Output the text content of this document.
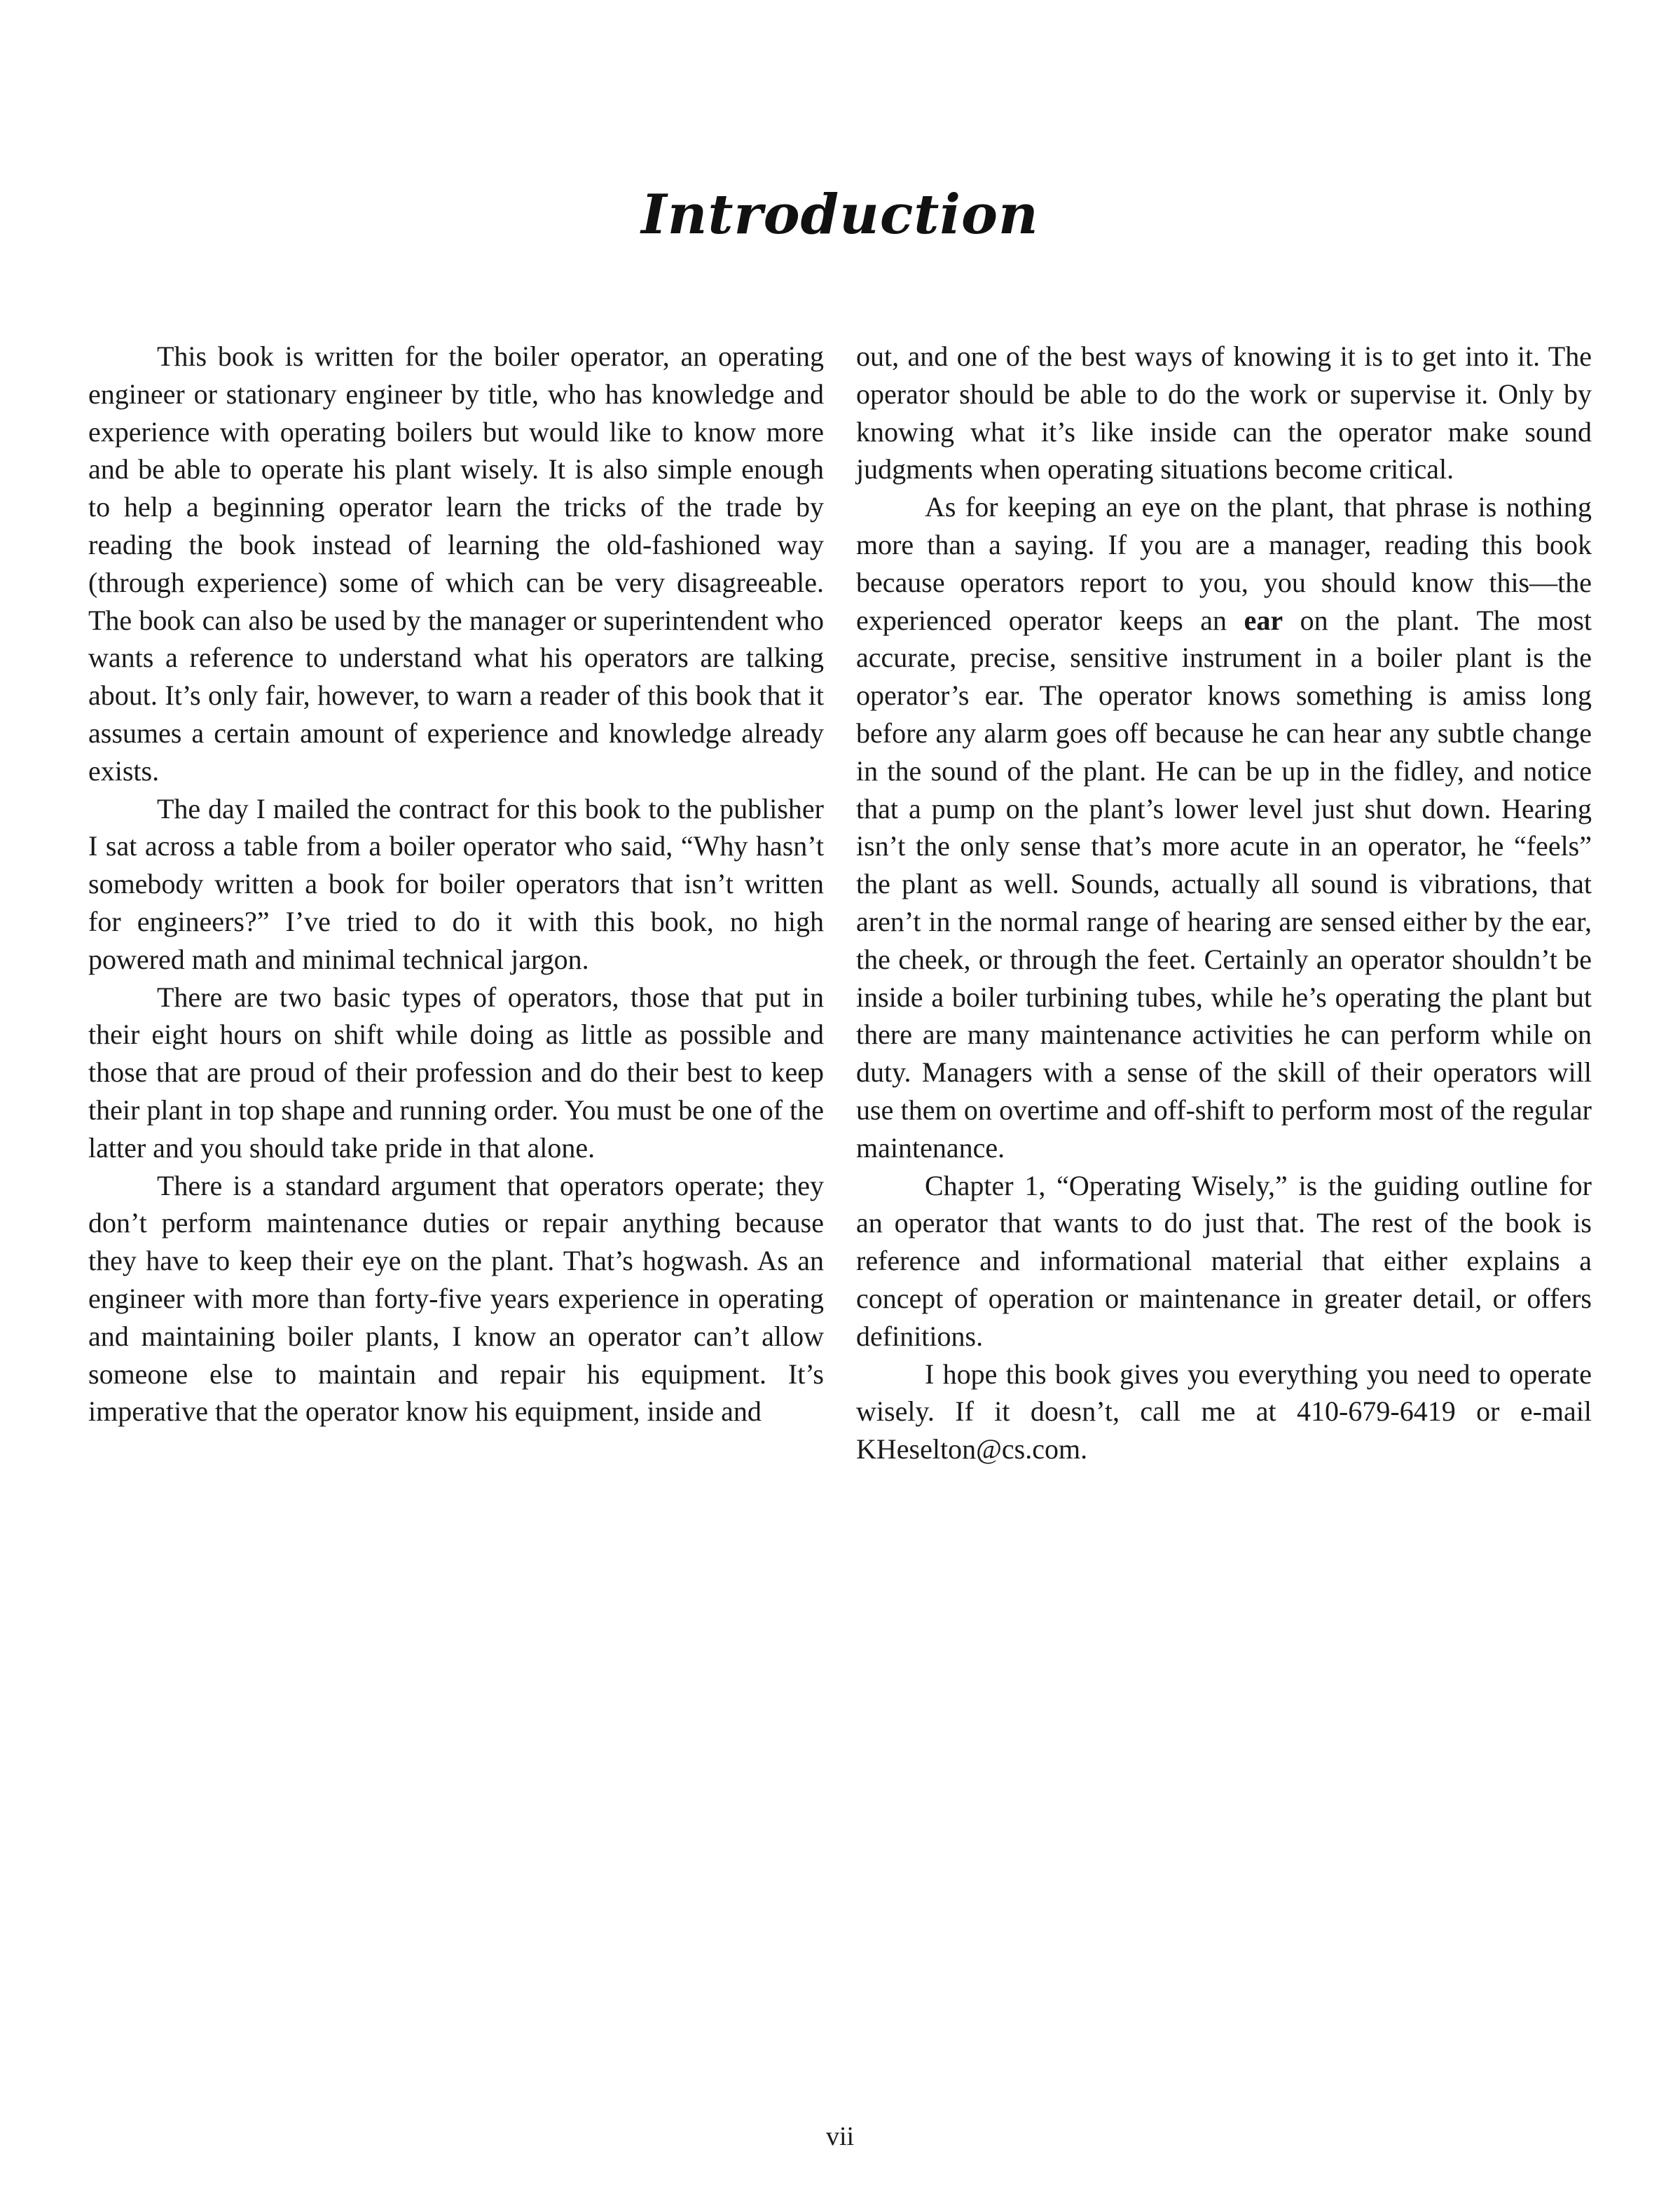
Introduction

This book is written for the boiler operator, an operating engineer or stationary engineer by title, who has knowledge and experience with operating boilers but would like to know more and be able to operate his plant wisely. It is also simple enough to help a beginning operator learn the tricks of the trade by reading the book instead of learning the old-fashioned way (through experience) some of which can be very disagreeable. The book can also be used by the manager or superintendent who wants a reference to understand what his operators are talking about. It’s only fair, however, to warn a reader of this book that it assumes a certain amount of experience and knowledge already exists.

The day I mailed the contract for this book to the publisher I sat across a table from a boiler operator who said, “Why hasn’t somebody written a book for boiler operators that isn’t written for engineers?” I’ve tried to do it with this book, no high powered math and minimal technical jargon.

There are two basic types of operators, those that put in their eight hours on shift while doing as little as possible and those that are proud of their profession and do their best to keep their plant in top shape and running order. You must be one of the latter and you should take pride in that alone.

There is a standard argument that operators operate; they don’t perform maintenance duties or repair anything because they have to keep their eye on the plant. That’s hogwash. As an engineer with more than forty-five years experience in operating and maintaining boiler plants, I know an operator can’t allow someone else to maintain and repair his equipment. It’s imperative that the operator know his equipment, inside and

out, and one of the best ways of knowing it is to get into it. The operator should be able to do the work or supervise it. Only by knowing what it’s like inside can the operator make sound judgments when operating situations become critical.

As for keeping an eye on the plant, that phrase is nothing more than a saying. If you are a manager, reading this book because operators report to you, you should know this—the experienced operator keeps an ear on the plant. The most accurate, precise, sensitive instrument in a boiler plant is the operator’s ear. The operator knows something is amiss long before any alarm goes off because he can hear any subtle change in the sound of the plant. He can be up in the fidley, and notice that a pump on the plant’s lower level just shut down. Hearing isn’t the only sense that’s more acute in an operator, he “feels” the plant as well. Sounds, actually all sound is vibrations, that aren’t in the normal range of hearing are sensed either by the ear, the cheek, or through the feet. Certainly an operator shouldn’t be inside a boiler turbining tubes, while he’s operating the plant but there are many maintenance activities he can perform while on duty. Managers with a sense of the skill of their operators will use them on overtime and off-shift to perform most of the regular maintenance.

Chapter 1, “Operating Wisely,” is the guiding outline for an operator that wants to do just that. The rest of the book is reference and informational material that either explains a concept of operation or maintenance in greater detail, or offers definitions.

I hope this book gives you everything you need to operate wisely. If it doesn’t, call me at 410-679-6419 or e-mail KHeselton@cs.com.

vii
